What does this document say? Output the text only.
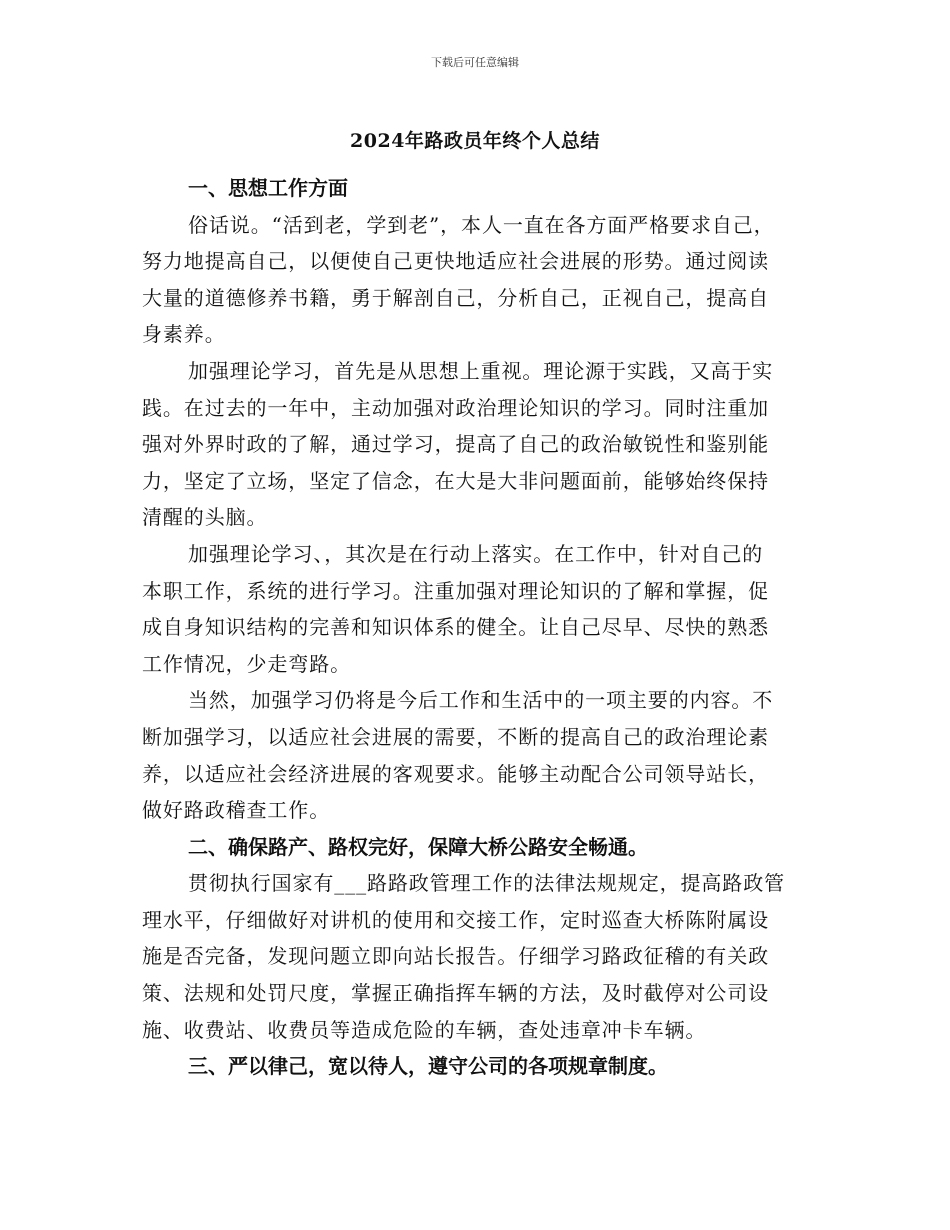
下载后可任意编辑
2024年路政员年终个人总结

一、思想工作方面

俗话说。“活到老，学到老”，本人一直在各方面严格要求自己，
努力地提高自己，以便使自己更快地适应社会进展的形势。通过阅读
大量的道德修养书籍，勇于解剖自己，分析自己，正视自己，提高自
身素养。

加强理论学习，首先是从思想上重视。理论源于实践，又高于实
践。在过去的一年中，主动加强对政治理论知识的学习。同时注重加
强对外界时政的了解，通过学习，提高了自己的政治敏锐性和鉴别能
力，坚定了立场，坚定了信念，在大是大非问题面前，能够始终保持
清醒的头脑。

加强理论学习、，其次是在行动上落实。在工作中，针对自己的
本职工作，系统的进行学习。注重加强对理论知识的了解和掌握，促
成自身知识结构的完善和知识体系的健全。让自己尽早、尽快的熟悉
工作情况，少走弯路。

当然，加强学习仍将是今后工作和生活中的一项主要的内容。不
断加强学习，以适应社会进展的需要，不断的提高自己的政治理论素
养，以适应社会经济进展的客观要求。能够主动配合公司领导站长，
做好路政稽查工作。

二、确保路产、路权完好，保障大桥公路安全畅通。

贯彻执行国家有___路路政管理工作的法律法规规定，提高路政管
理水平，仔细做好对讲机的使用和交接工作，定时巡查大桥陈附属设
施是否完备，发现问题立即向站长报告。仔细学习路政征稽的有关政
策、法规和处罚尺度，掌握正确指挥车辆的方法，及时截停对公司设
施、收费站、收费员等造成危险的车辆，查处违章冲卡车辆。

三、严以律己，宽以待人，遵守公司的各项规章制度。
